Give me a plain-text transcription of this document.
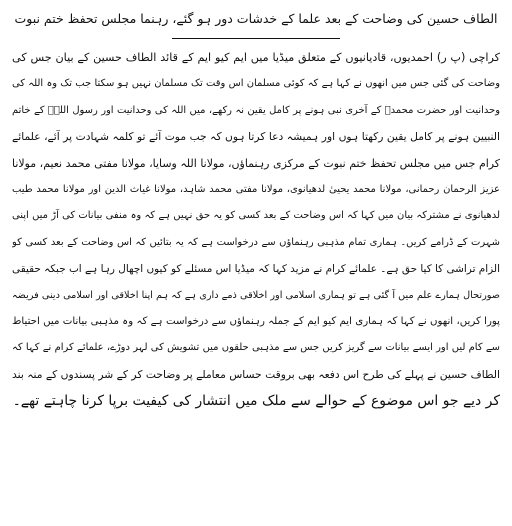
الطاف حسین کی وضاحت کے بعد علما کے خدشات دور ہو گئے، رہنما مجلس تحفظ ختم نبوت
کراچی (پ ر) احمدیوں، قادیانیوں کے متعلق میڈیا میں ایم کیو ایم کے قائد الطاف حسین کے بیان جس کی
وضاحت کی گئی جس میں انھوں نے کہا ہے کہ کوئی مسلمان اس وقت تک مسلمان نہیں ہو سکتا جب تک وہ اللہ کی
وحدانیت اور حضرت محمدؐ کے آخری نبی ہونے پر کامل یقین نہ رکھے، میں اللہ کی وحدانیت اور رسول اللہؐ کے خاتم
النبیین ہونے پر کامل یقین رکھتا ہوں اور ہمیشہ دعا کرتا ہوں کہ جب موت آئے تو کلمہ شہادت پر آئے، علمائے
کرام جس میں مجلس تحفظ ختم نبوت کے مرکزی رہنماؤں، مولانا اللہ وسایا، مولانا مفتی محمد نعیم، مولانا
عزیز الرحمان رحمانی، مولانا محمد یحییٰ لدھیانوی، مولانا مفتی محمد شاہد، مولانا غیاث الدین اور مولانا محمد طیب
لدھیانوی نے مشترکہ بیان میں کہا کہ اس وضاحت کے بعد کسی کو یہ حق نہیں ہے کہ وہ منفی بیانات کی آڑ میں اپنی
شہرت کے ڈرامے کریں۔ ہماری تمام مذہبی رہنماؤں سے درخواست ہے کہ یہ بتائیں کہ اس وضاحت کے بعد کسی کو
الزام تراشی کا کیا حق ہے۔ علمائے کرام نے مزید کہا کہ میڈیا اس مسئلے کو کیوں اچھال رہا ہے اب جبکہ حقیقی
صورتحال ہمارے علم میں آ گئی ہے تو ہماری اسلامی اور اخلاقی ذمے داری ہے کہ ہم اپنا اخلاقی اور اسلامی دینی فریضہ
پورا کریں، انھوں نے کہا کہ ہماری ایم کیو ایم کے جملہ رہنماؤں سے درخواست ہے کہ وہ مذہبی بیانات میں احتیاط
سے کام لیں اور ایسے بیانات سے گریز کریں جس سے مذہبی حلقوں میں تشویش کی لہر دوڑے، علمائے کرام نے کہا کہ
الطاف حسین نے پہلے کی طرح اس دفعہ بھی بروقت حساس معاملے پر وضاحت کر کے شر پسندوں کے منہ بند
کر دیے جو اس موضوع کے حوالے سے ملک میں انتشار کی کیفیت برپا کرنا چاہتے تھے۔
